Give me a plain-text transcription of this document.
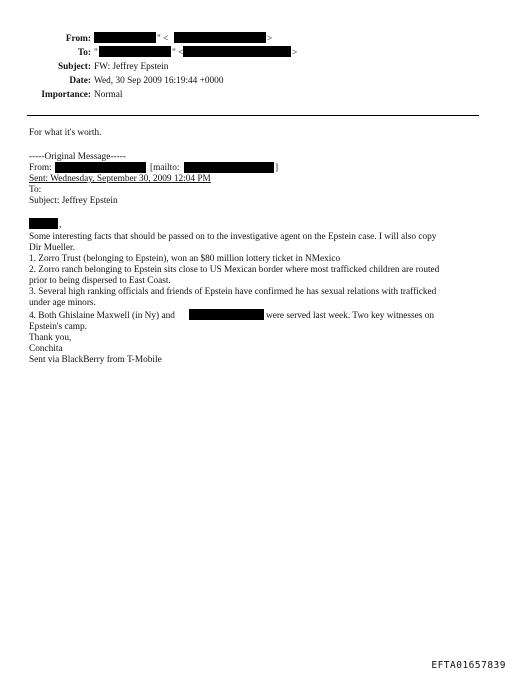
From:	" <	>
To: "	" <	>
Subject: FW: Jeffrey Epstein
Date: Wed, 30 Sep 2009 16:19:44 +0000
Importance: Normal
For what it's worth.
-----Original Message-----
From:	[mailto:	]
Sent: Wednesday, September 30, 2009 12:04 PM
To:
Subject: Jeffrey Epstein
,
Some interesting facts that should be passed on to the investigative agent on the Epstein case. I will also copy
Dir Mueller.
1. Zorro Trust (belonging to Epstein), won an $80 million lottery ticket in NMexico
2. Zorro ranch belonging to Epstein sits close to US Mexican border where most trafficked children are routed
prior to being dispersed to East Coast.
3. Several high ranking officials and friends of Epstein have confirmed he has sexual relations with trafficked
under age minors.
4. Both Ghislaine Maxwell (in Ny) and	were served last week. Two key witnesses on
Epstein's camp.
Thank you,
Conchita
Sent via BlackBerry from T-Mobile
EFTA01657839
